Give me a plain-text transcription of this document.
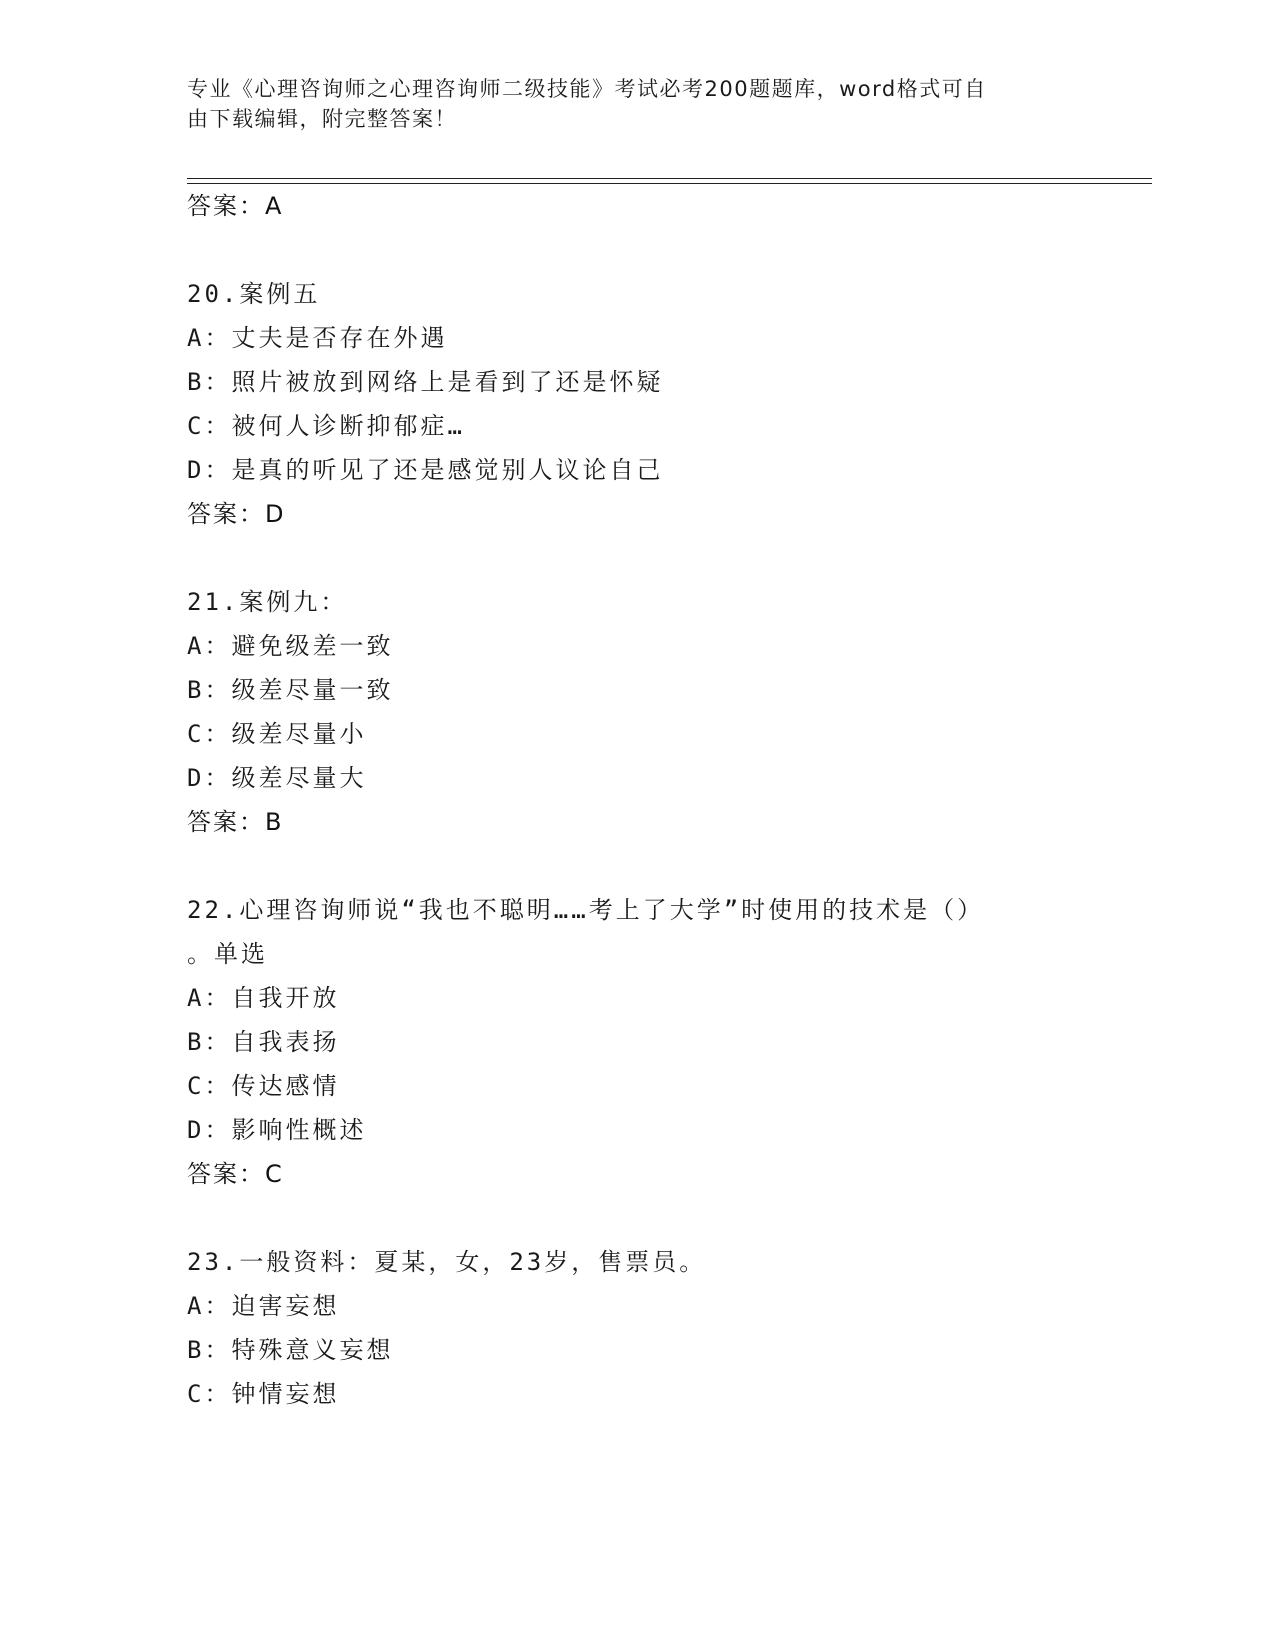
专业《心理咨询师之心理咨询师二级技能》考试必考200题题库，word格式可自
由下载编辑，附完整答案！
答案：A
20.案例五
A：丈夫是否存在外遇
B：照片被放到网络上是看到了还是怀疑
C：被何人诊断抑郁症…
D：是真的听见了还是感觉别人议论自己
答案：D
21.案例九：
A：避免级差一致
B：级差尽量一致
C：级差尽量小
D：级差尽量大
答案：B
22.心理咨询师说“我也不聪明……考上了大学”时使用的技术是（）
。单选
A：自我开放
B：自我表扬
C：传达感情
D：影响性概述
答案：C
23.一般资料：夏某，女，23岁，售票员。
A：迫害妄想
B：特殊意义妄想
C：钟情妄想
